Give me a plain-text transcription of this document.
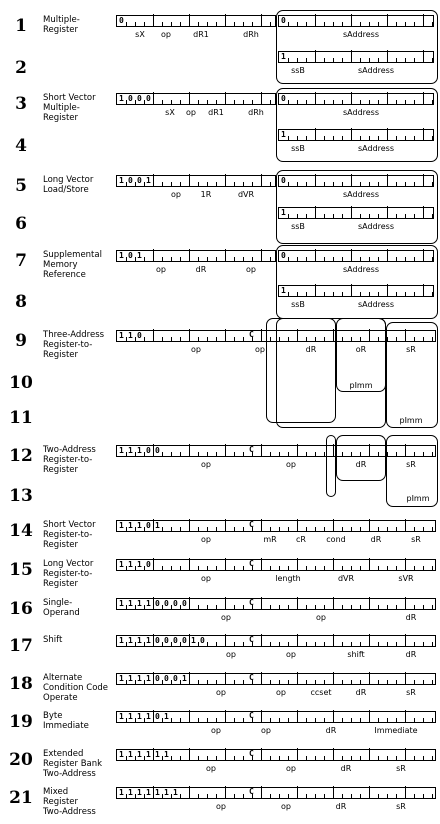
1	Multiple-
Register
0
sX op	dR1	dRh
0
sAddress
1
ssB	sAddress
2
3	Short Vector
Multiple-
Register
1 0 0 0
sX op dR1	dRh
0
sAddress
1
ssB	sAddress
4
5	Long Vector
Load/Store
1 0 0 1
op 1R	dVR
0
sAddress
1
ssB	sAddress
6
7	Supplemental
Memory
Reference
1 0 1
op	dR	op
0
sAddress
1
ssB	sAddress
8
9	Three-Address
Register-to-
Register
1 1 0	C
op	op	dR	oR	sR
10	pImm
11	pImm
12	Two-Address
Register-to-
Register
1 1 1 0 0	C
op	op	dR	sR
13	pImm
14	Short Vector
Register-to-
Register
1 1 1 0 1	C
op	mR cR	cond	dR	sR
15	Long Vector
Register-to-
Register
1 1 1 0	C
op	length	dVR	sVR
16	Single-
Operand
1 1 1 1 0 0 0 0	C
op	op	dR
17	Shift	1 1 1 1 0 0 0 0 1 0	C
op	op	shift	dR
18	Alternate
Condition Code
Operate
1 1 1 1 0 0 0 1	C
op	op	ccset	dR	sR
19	Byte
Immediate
1 1 1 1 0 1	C
op	op	dR	Immediate
20	Extended
Register Bank
Two-Address
1 1 1 1 1 1	C
op	op	dR	sR
21	Mixed
Register
Two-Address
1 1 1 1 1 1 1	C
op	op	dR	sR
